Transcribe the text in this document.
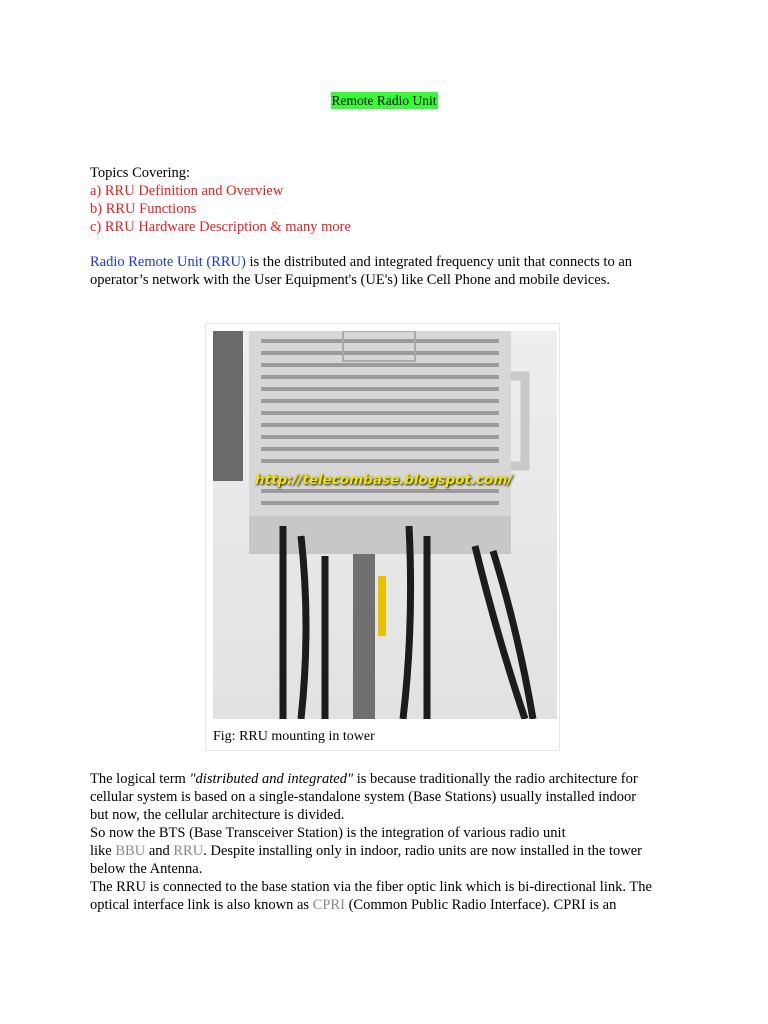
Remote Radio Unit
Topics Covering:
a) RRU Definition and Overview
b) RRU Functions
c) RRU Hardware Description & many more
Radio Remote Unit (RRU) is the distributed and integrated frequency unit that connects to an
operator’s network with the User Equipment's (UE's) like Cell Phone and mobile devices.
http://telecombase.blogspot.com/
Fig: RRU mounting in tower

The logical term "distributed and integrated" is because traditionally the radio architecture for
cellular system is based on a single-standalone system (Base Stations) usually installed indoor
but now, the cellular architecture is divided.

So now the BTS (Base Transceiver Station) is the integration of various radio unit
like BBU and RRU. Despite installing only in indoor, radio units are now installed in the tower
below the Antenna.

The RRU is connected to the base station via the fiber optic link which is bi-directional link. The
optical interface link is also known as CPRI (Common Public Radio Interface). CPRI is an
